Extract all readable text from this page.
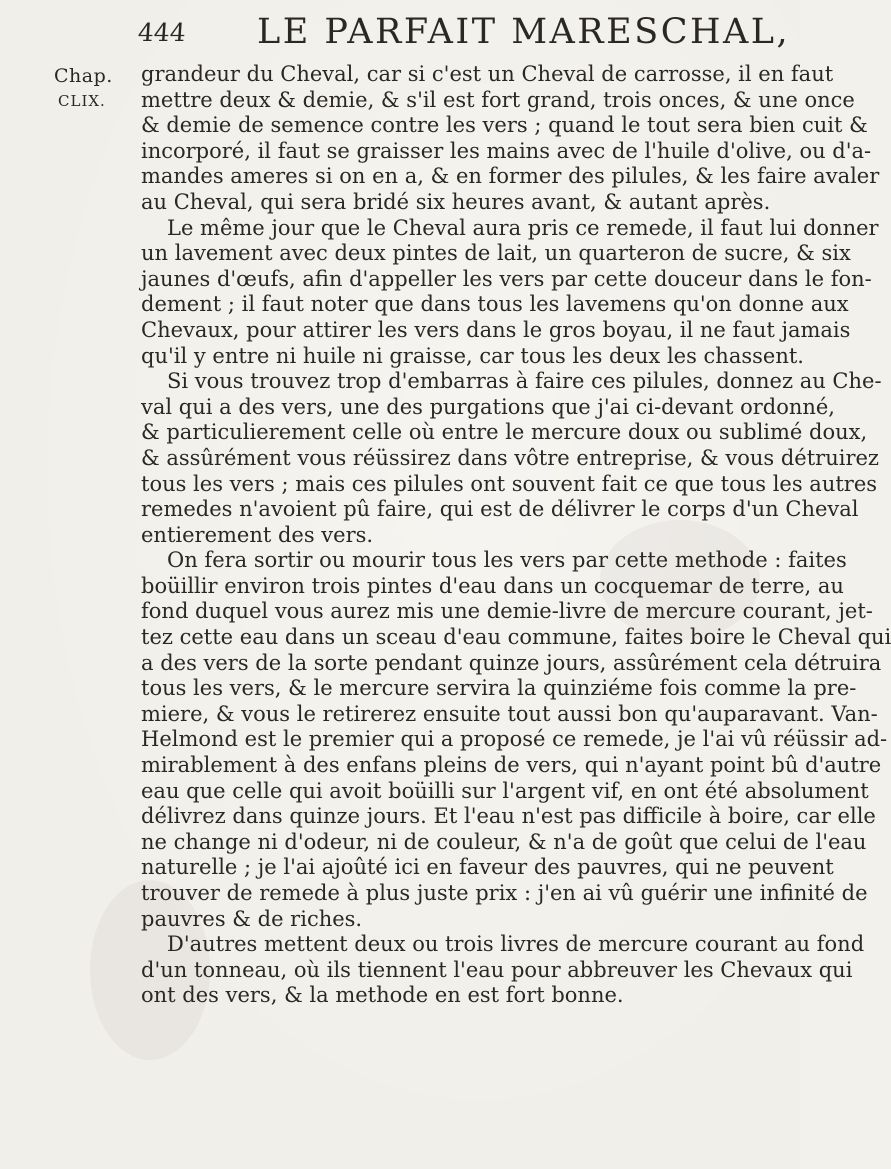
444 LE PARFAIT MARESCHAL,
Chap.
CLIX.
grandeur du Cheval, car si c'est un Cheval de carrosse, il en faut
mettre deux & demie, & s'il est fort grand, trois onces, & une once
& demie de semence contre les vers ; quand le tout sera bien cuit &
incorporé, il faut se graisser les mains avec de l'huile d'olive, ou d'a-
mandes ameres si on en a, & en former des pilules, & les faire avaler
au Cheval, qui sera bridé six heures avant, & autant après.
Le même jour que le Cheval aura pris ce remede, il faut lui donner
un lavement avec deux pintes de lait, un quarteron de sucre, & six
jaunes d'œufs, afin d'appeller les vers par cette douceur dans le fon-
dement ; il faut noter que dans tous les lavemens qu'on donne aux
Chevaux, pour attirer les vers dans le gros boyau, il ne faut jamais
qu'il y entre ni huile ni graisse, car tous les deux les chassent.
Si vous trouvez trop d'embarras à faire ces pilules, donnez au Che-
val qui a des vers, une des purgations que j'ai ci-devant ordonné,
& particulierement celle où entre le mercure doux ou sublimé doux,
& assûrément vous réüssirez dans vôtre entreprise, & vous détruirez
tous les vers ; mais ces pilules ont souvent fait ce que tous les autres
remedes n'avoient pû faire, qui est de délivrer le corps d'un Cheval
entierement des vers.
On fera sortir ou mourir tous les vers par cette methode : faites
boüillir environ trois pintes d'eau dans un cocquemar de terre, au
fond duquel vous aurez mis une demie-livre de mercure courant, jet-
tez cette eau dans un sceau d'eau commune, faites boire le Cheval qui
a des vers de la sorte pendant quinze jours, assûrément cela détruira
tous les vers, & le mercure servira la quinziéme fois comme la pre-
miere, & vous le retirerez ensuite tout aussi bon qu'auparavant. Van-
Helmond est le premier qui a proposé ce remede, je l'ai vû réüssir ad-
mirablement à des enfans pleins de vers, qui n'ayant point bû d'autre
eau que celle qui avoit boüilli sur l'argent vif, en ont été absolument
délivrez dans quinze jours. Et l'eau n'est pas difficile à boire, car elle
ne change ni d'odeur, ni de couleur, & n'a de goût que celui de l'eau
naturelle ; je l'ai ajoûté ici en faveur des pauvres, qui ne peuvent
trouver de remede à plus juste prix : j'en ai vû guérir une infinité de
pauvres & de riches.
D'autres mettent deux ou trois livres de mercure courant au fond
d'un tonneau, où ils tiennent l'eau pour abbreuver les Chevaux qui
ont des vers, & la methode en est fort bonne.
